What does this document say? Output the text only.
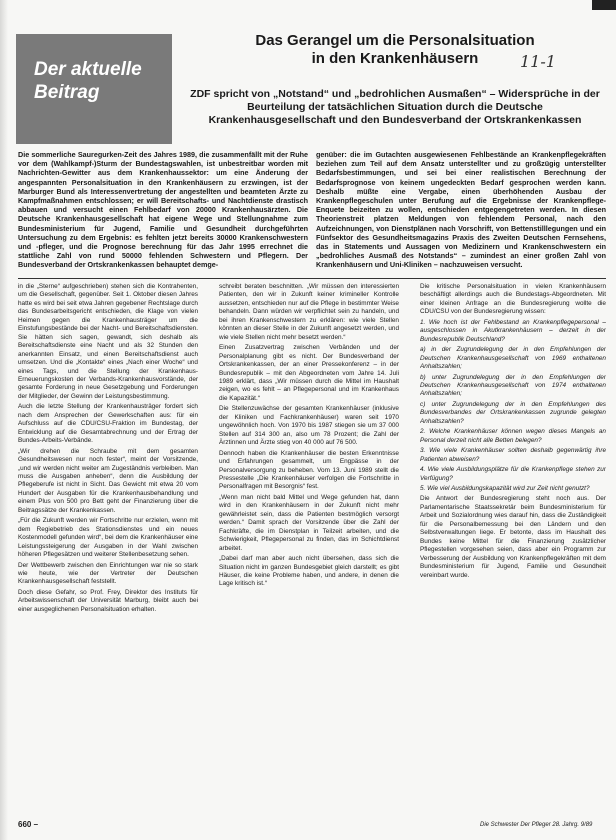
Der aktuelle
Beitrag
Das Gerangel um die Personalsituation
in den Krankenhäusern	11-1
ZDF spricht von „Notstand“ und „bedrohlichen Ausmaßen“ – Widersprüche in der Beurteilung der tatsächlichen Situation durch die Deutsche Krankenhausgesellschaft und den Bundesverband der Ortskrankenkassen
Die sommerliche Sauregurken-Zeit des Jahres 1989, die zusammenfällt mit der Ruhe vor dem (Wahlkampf-)Sturm der Bundestagswahlen, ist unbestreitbar worden mit Nachrichten-Gewitter aus dem Krankenhaussektor: um eine Änderung der angespannten Personalsituation in den Krankenhäusern zu erzwingen, ist der Marburger Bund als Interessenvertretung der angestellten und beamteten Ärzte zu Kampfmaßnahmen entschlossen; er will Bereitschafts- und Nachtdienste drastisch abbauen und versucht einen Fehlbedarf von 20000 Krankenhausärzten. Die Deutsche Krankenhausgesellschaft hat eigene Wege und Stellungnahme zum Bundesministerium für Jugend, Familie und Gesundheit durchgeführten Untersuchung zu dem Ergebnis: es fehlten jetzt bereits 30000 Krankenschwestern und -pfleger, und die Prognose berechnung für das Jahr 1995 errechnet die stattliche Zahl von rund 50000 fehlenden Schwestern und Pflegern. Der Bundesverband der Ortskrankenkassen behauptet demge-
genüber: die im Gutachten ausgewiesenen Fehlbestände an Krankenpflegekräften beziehen zum Teil auf dem Ansatz unterstellter und zu großzügig unterstellter Bedarfsbestimmungen, und sei bei einer realistischen Berechnung der Bedarfsprognose von keinem ungedeckten Bedarf gesprochen werden kann. Deshalb müßte eine Vergabe, einen überhöhenden Ausbau der Krankenpflegeschulen unter Berufung auf die Ergebnisse der Krankenpflege-Enquete beizeiten zu wollen, entschieden entgegengetreten werden. In diesen Theorienstreit platzen Meldungen von fehlendem Personal, nach den Aufzeichnungen, von Dienstplänen nach Vorschrift, von Bettenstilllegungen und ein Fünfsektor des Gesundheitsmagazins Praxis des Zweiten Deutschen Fernsehens, das in Statements und Aussagen von Medizinern und Krankenschwestern ein „bedrohliches Ausmaß des Notstands“ – zumindest an einer großen Zahl von Krankenhäusern und Uni-Kliniken – nachzuweisen versucht.

in die „Sterne“ aufgeschrieben) stehen sich die Kontrahenten, um die Gesellschaft, gegenüber. Seit 1. Oktober diesen Jahres hatte es wird bei seit etwa Jahren gegebener Rechtslage durch das Bundesarbeitsgericht entschieden, die Klage von vielen Heimen gegen die Krankenhausträger um die Einstufungsbestände bei der Nacht- und Bereitschaftsdiensten. Sie hätten sich sagen, gewandt, sich deshalb als Bereitschaftsdienste eine Nacht und als 32 Stunden den anerkannten Einsatz, und einen Bereitschaftsdienst auch umsetzen. Und die „Kontakte“ eines „Nach einer Woche“ und eines Tags, und die Stellung der Krankenhaus-Erneuerungskosten der Verbands-Krankenhausvorstände, der gesamte Forderung in neue Gesetzgebung und Forderungen der Mitglieder, der Gewinn der Leistungsbestimmung.

Auch die letzte Stellung der Krankenhausträger fordert sich nach dem Ansprechen der Gewerkschaften aus: für ein Aufschluss auf die CDU/CSU-Fraktion im Bundestag, der Entwicklung auf die Gesamtabrechnung und der Ertrag der Bundes-Arbeits-Verbände.

„Wir drehen die Schraube mit dem gesamten Gesundheitswesen nur noch fester“, meint der Vorsitzende, „und wir werden nicht weiter am Zugeständnis verbleiben. Man muss die Ausgaben anheben“, denn die Ausbildung der Pflegeberufe ist nicht in Sicht. Das Gewicht mit etwa 20 vom Hundert der Ausgaben für die Krankenhausbehandlung und einem Plus von 500 pro Bett geht der Finanzierung über die Beitragssätze der Krankenkassen.

„Für die Zukunft werden wir Fortschritte nur erzielen, wenn mit dem Regiebetrieb des Stationsdienstes und ein neues Kostenmodell gefunden wird“, bei dem die Krankenhäuser eine Leistungssteigerung der Ausgaben in der Wahl zwischen höheren Pflegesätzen und weiterer Stellenbesetzung sehen.

Der Wettbewerb zwischen den Einrichtungen war nie so stark wie heute, wie der Vertreter der Deutschen Krankenhausgesellschaft feststellt.

Doch diese Gefahr, so Prof. Frey, Direktor des Instituts für Arbeitswissenschaft der Universität Marburg, bleibt auch bei einer ausgeglichenen Personalsituation erhalten.

schreibt beraten beschnitten. „Wir müssen den interessierten Patienten, den wir in Zukunft keiner krimineller Kontrolle aussetzen, entschieden nur auf die Pflege in bestimmter Weise behandeln. Dann würden wir verpflichtet sein zu handeln, und bei ihren Krankenschwestern zu erklären: wie viele Stellen könnten an dieser Stelle in der Zukunft angesetzt werden, und wie viele Stellen nicht mehr besetzt werden.“

Einen Zusatzvertrag zwischen Verbänden und der Personalplanung gibt es nicht. Der Bundesverband der Ortskrankenkassen, der an einer Pressekonferenz – in der Bundesrepublik – mit den Abgeordneten vom Jahre 14. Juli 1989 erklärt, dass „Wir müssen durch die Mittel im Haushalt zeigen, wo es fehlt – an Pflegepersonal und im Krankenhaus die Kapazität.“

Die Stellenzuwächse der gesamten Krankenhäuser (inklusive der Kliniken und Fachkrankenhäuser) waren seit 1970 ungewöhnlich hoch. Von 1970 bis 1987 stiegen sie um 37 000 Stellen auf 314 300 an, also um 78 Prozent; die Zahl der Ärztinnen und Ärzte stieg von 40 000 auf 76 500.

Dennoch haben die Krankenhäuser die besten Erkenntnisse und Erfahrungen gesammelt, um Engpässe in der Personalversorgung zu beheben. Vom 13. Juni 1989 stellt die Pressestelle „Die Krankenhäuser verfolgen die Fortschritte in Personalfragen mit Besorgnis“ fest.

„Wenn man nicht bald Mittel und Wege gefunden hat, dann wird in den Krankenhäusern in der Zukunft nicht mehr gewährleistet sein, dass die Patienten bestmöglich versorgt werden.“ Damit sprach der Vorsitzende über die Zahl der Fachkräfte, die im Dienstplan in Teilzeit arbeiten, und die Schwierigkeit, Pflegepersonal zu finden, das im Schichtdienst arbeitet.

„Dabei darf man aber auch nicht übersehen, dass sich die Situation nicht im ganzen Bundesgebiet gleich darstellt; es gibt Häuser, die keine Probleme haben, und andere, in denen die Lage kritisch ist.“

Die kritische Personalsituation in vielen Krankenhäusern beschäftigt allerdings auch die Bundestags-Abgeordneten. Mit einer kleinen Anfrage an die Bundesregierung wollte die CDU/CSU von der Bundesregierung wissen:

1. Wie hoch ist der Fehlbestand an Krankenpflegepersonal – ausgeschlossen in Akutkrankenhäusern – derzeit in der Bundesrepublik Deutschland?

a) in der Zugrundelegung der in den Empfehlungen der Deutschen Krankenhausgesellschaft von 1969 enthaltenen Anhaltszahlen;

b) unter Zugrundelegung der in den Empfehlungen der Deutschen Krankenhausgesellschaft von 1974 enthaltenen Anhaltszahlen;

c) unter Zugrundelegung der in den Empfehlungen des Bundesverbandes der Ortskrankenkassen zugrunde gelegten Anhaltszahlen?

2. Welche Krankenhäuser können wegen dieses Mangels an Personal derzeit nicht alle Betten belegen?

3. Wie viele Krankenhäuser sollten deshalb gegenwärtig ihre Patienten abweisen?

4. Wie viele Ausbildungsplätze für die Krankenpflege stehen zur Verfügung?

5. Wie viel Ausbildungskapazität wird zur Zeit nicht genutzt?

Die Antwort der Bundesregierung steht noch aus. Der Parlamentarische Staatssekretär beim Bundesministerium für Arbeit und Sozialordnung wies darauf hin, dass die Zuständigkeit für die Personalbemessung bei den Ländern und den Selbstverwaltungen liege. Er betonte, dass im Haushalt des Bundes keine Mittel für die Finanzierung zusätzlicher Pflegestellen vorgesehen seien, dass aber ein Programm zur Verbesserung der Ausbildung von Krankenpflegekräften mit dem Bundesministerium für Jugend, Familie und Gesundheit vereinbart wurde.

660 –	Die Schwester Der Pfleger 28. Jahrg. 9/89
